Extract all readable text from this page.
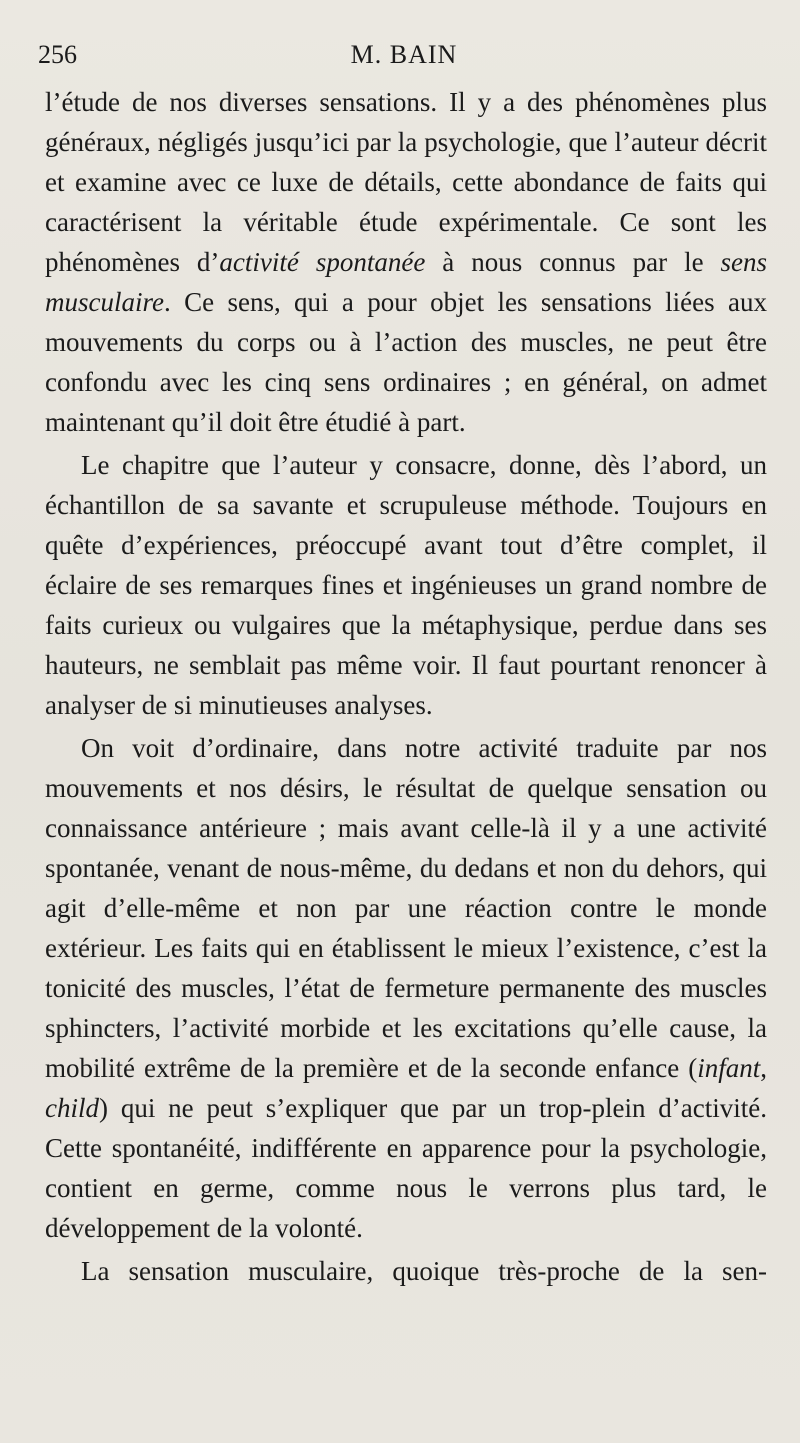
256	M. BAIN

l’étude de nos diverses sensations. Il y a des phénomènes plus généraux, négligés jusqu’ici par la psychologie, que l’auteur décrit et examine avec ce luxe de détails, cette abondance de faits qui caractérisent la véritable étude expérimentale. Ce sont les phénomènes d’activité spontanée à nous connus par le sens musculaire. Ce sens, qui a pour objet les sensations liées aux mouvements du corps ou à l’action des muscles, ne peut être confondu avec les cinq sens ordinaires ; en général, on admet maintenant qu’il doit être étudié à part.

Le chapitre que l’auteur y consacre, donne, dès l’abord, un échantillon de sa savante et scrupuleuse méthode. Toujours en quête d’expériences, préoccupé avant tout d’être complet, il éclaire de ses remarques fines et ingénieuses un grand nombre de faits curieux ou vulgaires que la métaphysique, perdue dans ses hauteurs, ne semblait pas même voir. Il faut pourtant renoncer à analyser de si minutieuses analyses.

On voit d’ordinaire, dans notre activité traduite par nos mouvements et nos désirs, le résultat de quelque sensation ou connaissance antérieure ; mais avant celle-là il y a une activité spontanée, venant de nous-même, du dedans et non du dehors, qui agit d’elle-même et non par une réaction contre le monde extérieur. Les faits qui en établissent le mieux l’existence, c’est la tonicité des muscles, l’état de fermeture permanente des muscles sphincters, l’activité morbide et les excitations qu’elle cause, la mobilité extrême de la première et de la seconde enfance (infant, child) qui ne peut s’expliquer que par un trop-plein d’activité. Cette spontanéité, indifférente en apparence pour la psychologie, contient en germe, comme nous le verrons plus tard, le développement de la volonté.

La sensation musculaire, quoique très-proche de la sen-
